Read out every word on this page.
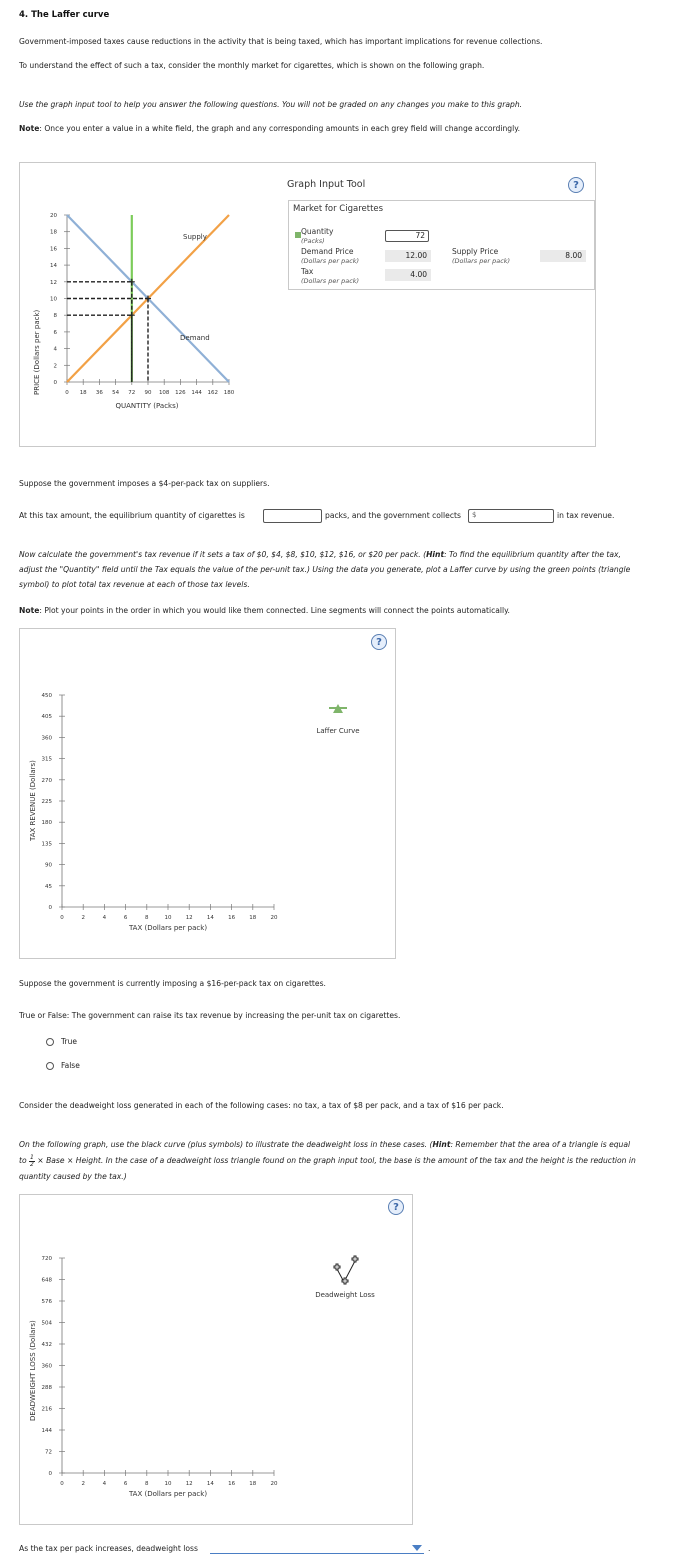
4. The Laffer curve
Government-imposed taxes cause reductions in the activity that is being taxed, which has important implications for revenue collections.
To understand the effect of such a tax, consider the monthly market for cigarettes, which is shown on the following graph.
Use the graph input tool to help you answer the following questions. You will not be graded on any changes you make to this graph.
Note: Once you enter a value in a white field, the graph and any corresponding amounts in each grey field will change accordingly.
PRICE (Dollars per pack)
QUANTITY (Packs)
0 18 36 54 72 90 108 126 144 162 180
0
2
4
6
8
10
12
14
16
18
20
Supply
Demand
Graph Input Tool	?
Market for Cigarettes
Quantity
(Packs)
72
Demand Price
(Dollars per pack)
12.00
Tax
(Dollars per pack)
4.00
Supply Price
(Dollars per pack)
8.00
Suppose the government imposes a $4-per-pack tax on suppliers.
At this tax amount, the equilibrium quantity of cigarettes is	packs, and the government collects $	in tax revenue.
Now calculate the government's tax revenue if it sets a tax of $0, $4, $8, $10, $12, $16, or $20 per pack. (Hint: To find the equilibrium quantity after the tax, adjust the "Quantity" field until the Tax equals the value of the per-unit tax.) Using the data you generate, plot a Laffer curve by using the green points (triangle symbol) to plot total tax revenue at each of those tax levels.
Note: Plot your points in the order in which you would like them connected. Line segments will connect the points automatically.
?
TAX REVENUE (Dollars)
TAX (Dollars per pack)
0	2	4	6	8	10	12	14	16	18	20
0
45
90
135
180
225
270
315
360
405
450
Laffer Curve
Suppose the government is currently imposing a $16-per-pack tax on cigarettes.
True or False: The government can raise its tax revenue by increasing the per-unit tax on cigarettes.
True
False
Consider the deadweight loss generated in each of the following cases: no tax, a tax of $8 per pack, and a tax of $16 per pack.
On the following graph, use the black curve (plus symbols) to illustrate the deadweight loss in these cases. (Hint: Remember that the area of a triangle is equal to $\frac{1}{2}$ × Base × Height. In the case of a deadweight loss triangle found on the graph input tool, the base is the amount of the tax and the height is the reduction in quantity caused by the tax.)
?
DEADWEIGHT LOSS (Dollars)
TAX (Dollars per pack)
0	2	4	6	8	10	12	14	16	18	20
0
72
144
216
288
360
432
504
576
648
720
Deadweight Loss
As the tax per pack increases, deadweight loss	.
